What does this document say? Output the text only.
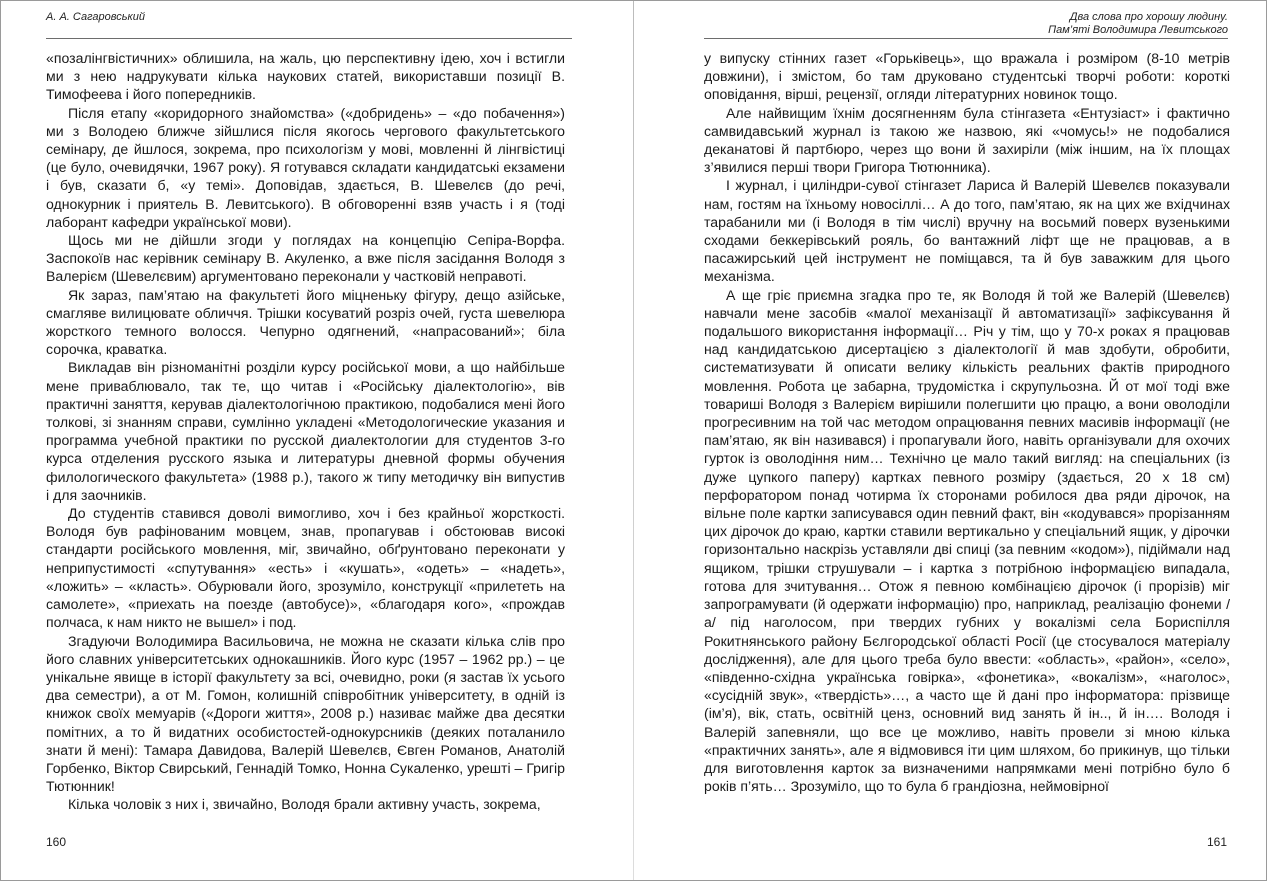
А. А. Сагаровський

«позалінгвістичних» облишила, на жаль, цю перспективну ідею, хоч і встигли ми з нею надрукувати кілька наукових статей, використавши позиції В. Тимофеева і його попередників.

Після етапу «коридорного знайомства» («добридень» – «до побачення») ми з Володею ближче зійшлися після якогось чергового факультетського семінару, де йшлося, зокрема, про психологізм у мові, мовленні й лінгвістиці (це було, очевидячки, 1967 року). Я готувався складати кандидатські екзамени і був, сказати б, «у темі». Доповідав, здається, В. Шевелєв (до речі, однокурник і приятель В. Левитського). В обговоренні взяв участь і я (тоді лаборант кафедри української мови).

Щось ми не дійшли згоди у поглядах на концепцію Сепіра-Ворфа. Заспокоїв нас керівник семінару В. Акуленко, а вже після засідання Володя з Валерієм (Шевелєвим) аргументовано переконали у частковій неправоті.

Як зараз, пам’ятаю на факультеті його міцненьку фігуру, дещо азійське, смагляве вилицювате обличчя. Трішки косуватий розріз очей, густа шевелюра жорсткого темного волосся. Чепурно одягнений, «напрасований»; біла сорочка, краватка.

Викладав він різноманітні розділи курсу російської мови, а що найбільше мене приваблювало, так те, що читав і «Російську діалектологію», вів практичні заняття, керував діалектологічною практикою, подобалися мені його толкові, зі знанням справи, сумлінно укладені «Методологические указания и программа учебной практики по русской диалектологии для студентов 3-го курса отделения русского языка и литературы дневной формы обучения филологического факультета» (1988 р.), такого ж типу методичку він випустив і для заочників.

До студентів ставився доволі вимогливо, хоч і без крайньої жорсткості. Володя був рафінованим мовцем, знав, пропагував і обстоював високі стандарти російського мовлення, міг, звичайно, обґрунтовано переконати у неприпустимості «спутування» «есть» і «кушать», «одеть» – «надеть», «ложить» – «класть». Обурювали його, зрозуміло, конструкції «прилететь на самолете», «приехать на поезде (автобусе)», «благодаря кого», «прождав полчаса, к нам никто не вышел» і под.

Згадуючи Володимира Васильовича, не можна не сказати кілька слів про його славних університетських однокашників. Його курс (1957 – 1962 рр.) – це унікальне явище в історії факультету за всі, очевидно, роки (я застав їх усього два семестри), а от М. Гомон, колишній співробітник університету, в одній із книжок своїх мемуарів («Дороги життя», 2008 р.) називає майже два десятки помітних, а то й видатних особистостей-однокурсників (деяких поталанило знати й мені): Тамара Давидова, Валерій Шевелєв, Євген Романов, Анатолій Горбенко, Віктор Свирський, Геннадій Томко, Нонна Сукаленко, урешті – Григір Тютюнник!

Кілька чоловік з них і, звичайно, Володя брали активну участь, зокрема,

160
Два слова про хорошу людину.
Пам’яті Володимира Левитського

у випуску стінних газет «Горьківець», що вражала і розміром (8-10 метрів довжини), і змістом, бо там друковано студентські творчі роботи: короткі оповідання, вірші, рецензії, огляди літературних новинок тощо.

Але найвищим їхнім досягненням була стінгазета «Ентузіаст» і фактично самвидавський журнал із такою же назвою, які «чомусь!» не подобалися деканатові й партбюро, через що вони й захиріли (між іншим, на їх площах з’явилися перші твори Григора Тютюнника).

І журнал, і циліндри-сувої стінгазет Лариса й Валерій Шевелєв показували нам, гостям на їхньому новосіллі… А до того, пам’ятаю, як на цих же вхідчинах тарабанили ми (і Володя в тім числі) вручну на восьмий поверх вузенькими сходами беккерівський рояль, бо вантажний ліфт ще не працював, а в пасажирський цей інструмент не поміщався, та й був заважким для цього механізма.

А ще гріє приємна згадка про те, як Володя й той же Валерій (Шевелєв) навчали мене засобів «малої механізації й автоматизації» зафіксування й подальшого використання інформації… Річ у тім, що у 70-х роках я працював над кандидатською дисертацією з діалектології й мав здобути, обробити, систематизувати й описати велику кількість реальних фактів природного мовлення. Робота це забарна, трудомістка і скрупульозна. Й от мої тоді вже товариші Володя з Валерієм вирішили полегшити цю працю, а вони оволоділи прогресивним на той час методом опрацювання певних масивів інформації (не пам’ятаю, як він називався) і пропагували його, навіть організували для охочих гурток із оволодіння ним… Технічно це мало такий вигляд: на спеціальних (із дуже цупкого паперу) картках певного розміру (здається, 20 х 18 см) перфоратором понад чотирма їх сторонами робилося два ряди дірочок, на вільне поле картки записувався один певний факт, він «кодувався» прорізанням цих дірочок до краю, картки ставили вертикально у спеціальний ящик, у дірочки горизонтально наскрізь уставляли дві спиці (за певним «кодом»), підіймали над ящиком, трішки струшували – і картка з потрібною інформацією випадала, готова для зчитування… Отож я певною комбінацією дірочок (і прорізів) міг запрограмувати (й одержати інформацію) про, наприклад, реалізацію фонеми /а/ під наголосом, при твердих губних у вокалізмі села Бориспілля Рокитнянського району Бєлгородської області Росії (це стосувалося матеріалу дослідження), але для цього треба було ввести: «область», «район», «село», «південно-східна українська говірка», «фонетика», «вокалізм», «наголос», «сусідній звук», «твердість»…, а часто ще й дані про інформатора: прізвище (ім’я), вік, стать, освітній ценз, основний вид занять й ін.., й ін…. Володя і Валерій запевняли, що все це можливо, навіть провели зі мною кілька «практичних занять», але я відмовився іти цим шляхом, бо прикинув, що тільки для виготовлення карток за визначеними напрямками мені потрібно було б років п’ять… Зрозуміло, що то була б грандіозна, неймовірної

161
